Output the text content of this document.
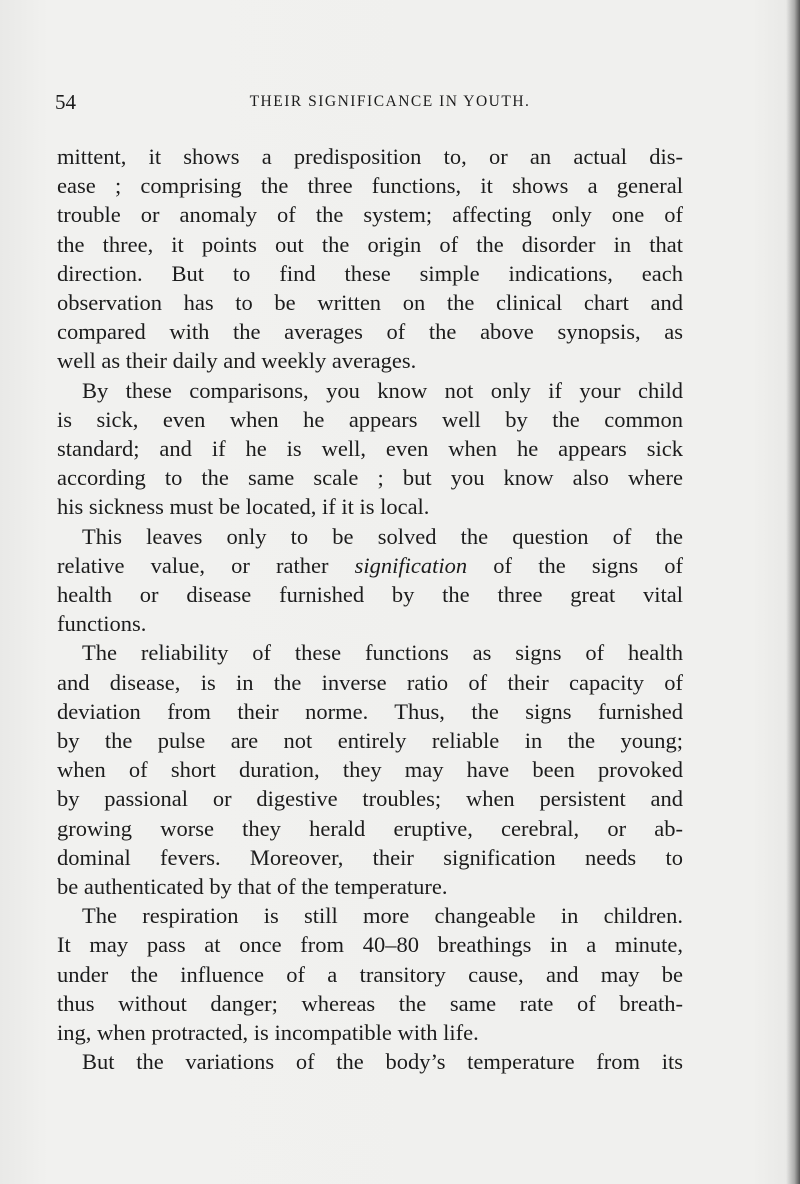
54	THEIR SIGNIFICANCE IN YOUTH.

mittent, it shows a predisposition to, or an actual dis-
ease ; comprising the three functions, it shows a general
trouble or anomaly of the system; affecting only one of
the three, it points out the origin of the disorder in that
direction. But to find these simple indications, each
observation has to be written on the clinical chart and
compared with the averages of the above synopsis, as
well as their daily and weekly averages.

By these comparisons, you know not only if your child
is sick, even when he appears well by the common
standard; and if he is well, even when he appears sick
according to the same scale ; but you know also where
his sickness must be located, if it is local.

This leaves only to be solved the question of the
relative value, or rather signification of the signs of
health or disease furnished by the three great vital
functions.

The reliability of these functions as signs of health
and disease, is in the inverse ratio of their capacity of
deviation from their norme. Thus, the signs furnished
by the pulse are not entirely reliable in the young;
when of short duration, they may have been provoked
by passional or digestive troubles; when persistent and
growing worse they herald eruptive, cerebral, or ab-
dominal fevers. Moreover, their signification needs to
be authenticated by that of the temperature.

The respiration is still more changeable in children.
It may pass at once from 40–80 breathings in a minute,
under the influence of a transitory cause, and may be
thus without danger; whereas the same rate of breath-
ing, when protracted, is incompatible with life.

But the variations of the body’s temperature from its
